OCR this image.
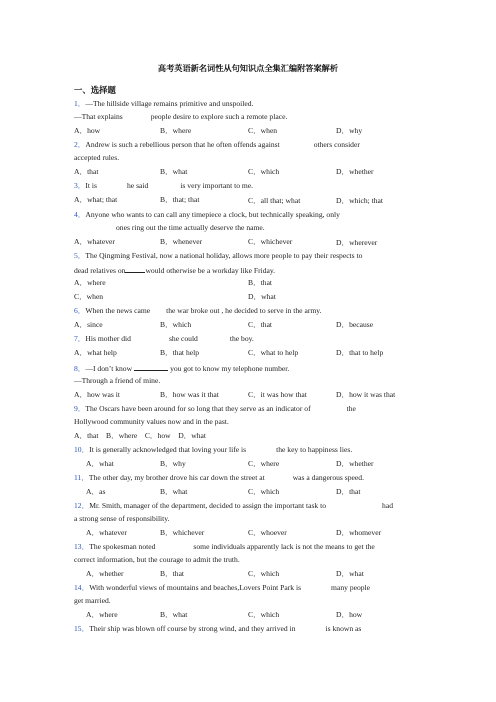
高考英语新名词性从句知识点全集汇编附答案解析
一、选择题
1．—The hillside village remains primitive and unspoiled.
—That explains	people desire to explore such a remote place.
A．how	B．where	C．when	D．why
2．Andrew is such a rebellious person that he often offends against	others consider
accepted rules.
A．that	B．what	C．which	D．whether
3．It is	he said	is very important to me.
A．what; that	B．that; that	C．all that; what	D．which; that
4．Anyone who wants to can call any timepiece a clock, but technically speaking, only
ones ring out the time actually deserve the name.
A．whatever	B．whenever	C．whichever	D．wherever
5．The Qingming Festival, now a national holiday, allows more people to pay their respects to
dead relatives on	would otherwise be a workday like Friday.
A．where	B．that
C．when	D．what
6．When the news came the war broke out , he decided to serve in the army.
A．since	B．which	C．that	D．because
7．His mother did	she could	the boy.
A．what help	B．that help	C．what to help	D．that to help
8．—I don’t know	you got to know my telephone number.
—Through a friend of mine.
A．how was it	B．how was it that	C．it was how that	D．how it was that
9．The Oscars have been around for so long that they serve as an indicator of	the
Hollywood community values now and in the past.
A．that    B．where    C．how    D．what
10．It is generally acknowledged that loving your life is	the key to happiness lies.
A．what	B．why	C．where	D．whether
11．The other day, my brother drove his car down the street at	was a dangerous speed.
A．as	B．what	C．which	D．that
12．Mr. Smith, manager of the department, decided to assign the important task to	had
a strong sense of responsibility.
A．whatever	B．whichever	C．whoever	D．whomever
13．The spokesman noted	some individuals apparently lack is not the means to get the
correct information, but the courage to admit the truth.
A．whether	B．that	C．which	D．what
14．With wonderful views of mountains and beaches,Lovers Point Park is	many people
get married.
A．where	B．what	C．which	D．how
15．Their ship was blown off course by strong wind, and they arrived in	is known as
